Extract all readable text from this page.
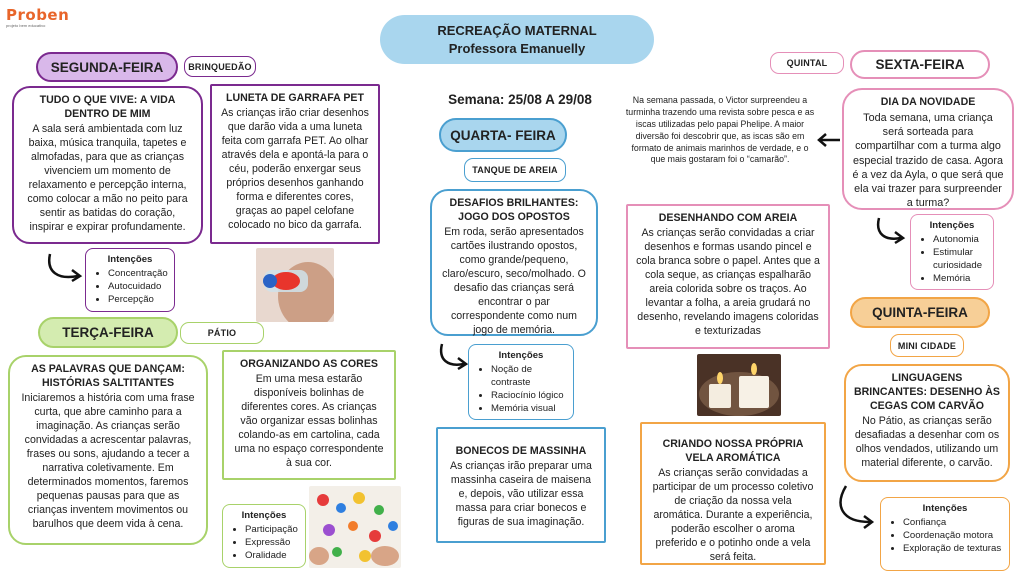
Proben
projeto bem educativo	RECREAÇÃO MATERNAL
Professora Emanuelly
Semana: 25/08 A 29/08
SEGUNDA-FEIRA	BRINQUEDÃO
TUDO O QUE VIVE: A VIDA DENTRO DE MIM
A sala será ambientada com luz baixa, música tranquila, tapetes e almofadas, para que as crianças vivenciem um momento de relaxamento e percepção interna, como colocar a mão no peito para sentir as batidas do coração, inspirar e expirar profundamente.
LUNETA DE GARRAFA PET
As crianças irão criar desenhos que darão vida a uma luneta feita com garrafa PET. Ao olhar através dela e apontá-la para o céu, poderão enxergar seus próprios desenhos ganhando forma e diferentes cores, graças ao papel celofane colocado no bico da garrafa.
Intenções
• Concentração
• Autocuidado
• Percepção
TERÇA-FEIRA	PÁTIO
AS PALAVRAS QUE DANÇAM: HISTÓRIAS SALTITANTES
Iniciaremos a história com uma frase curta, que abre caminho para a imaginação. As crianças serão convidadas a acrescentar palavras, frases ou sons, ajudando a tecer a narrativa coletivamente. Em determinados momentos, faremos pequenas pausas para que as crianças inventem movimentos ou barulhos que deem vida à cena.
ORGANIZANDO AS CORES
Em uma mesa estarão disponíveis bolinhas de diferentes cores. As crianças vão organizar essas bolinhas colando-as em cartolina, cada uma no espaço correspondente à sua cor.
Intenções
• Participação
• Expressão
• Oralidade
QUARTA- FEIRA
TANQUE DE AREIA
DESAFIOS BRILHANTES: JOGO DOS OPOSTOS
Em roda, serão apresentados cartões ilustrando opostos, como grande/pequeno, claro/escuro, seco/molhado. O desafio das crianças será encontrar o par correspondente como num jogo de memória.
Intenções
• Noção de contraste
• Raciocínio lógico
• Memória visual
BONECOS DE MASSINHA
As crianças irão preparar uma massinha caseira de maisena e, depois, vão utilizar essa massa para criar bonecos e figuras de sua imaginação.
DESENHANDO COM AREIA
As crianças serão convidadas a criar desenhos e formas usando pincel e cola branca sobre o papel. Antes que a cola seque, as crianças espalharão areia colorida sobre os traços. Ao levantar a folha, a areia grudará no desenho, revelando imagens coloridas e texturizadas
CRIANDO NOSSA PRÓPRIA VELA AROMÁTICA
As crianças serão convidadas a participar de um processo coletivo de criação da nossa vela aromática. Durante a experiência, poderão escolher o aroma preferido e o potinho onde a vela será feita.
Na semana passada, o Victor surpreendeu a turminha trazendo uma revista sobre pesca e as iscas utilizadas pelo papai Phelipe. A maior diversão foi descobrir que, as iscas são em formato de animais marinhos de verdade, e o que mais gostaram foi o “camarão”.
QUINTAL	SEXTA-FEIRA
DIA DA NOVIDADE
Toda semana, uma criança será sorteada para compartilhar com a turma algo especial trazido de casa. Agora é a vez da Ayla, o que será que ela vai trazer para surpreender a turma?
Intenções
• Autonomia
• Estimular curiosidade
• Memória
QUINTA-FEIRA
MINI CIDADE
LINGUAGENS BRINCANTES: DESENHO ÀS CEGAS COM CARVÃO
No Pátio, as crianças serão desafiadas a desenhar com os olhos vendados, utilizando um material diferente, o carvão.
Intenções
• Confiança
• Coordenação motora
• Exploração de texturas
